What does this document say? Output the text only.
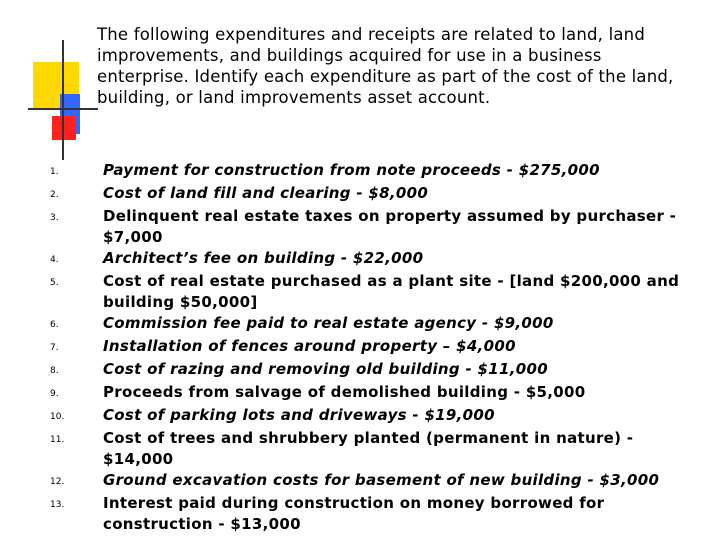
The following expenditures and receipts are related to land, land improvements, and buildings acquired for use in a business enterprise. Identify each expenditure as part of the cost of the land, building, or land improvements asset account.

1.	Payment for construction from note proceeds - $275,000
2.	Cost of land fill and clearing - $8,000
3.	Delinquent real estate taxes on property assumed by purchaser - $7,000
4.	Architect’s fee on building - $22,000
5.	Cost of real estate purchased as a plant site - [land $200,000 and building $50,000]
6.	Commission fee paid to real estate agency - $9,000
7.	Installation of fences around property – $4,000
8.	Cost of razing and removing old building - $11,000
9.	Proceeds from salvage of demolished building - $5,000
10.	Cost of parking lots and driveways - $19,000
11.	Cost of trees and shrubbery planted (permanent in nature) - $14,000
12.	Ground excavation costs for basement of new building - $3,000
13.	Interest paid during construction on money borrowed for construction - $13,000
